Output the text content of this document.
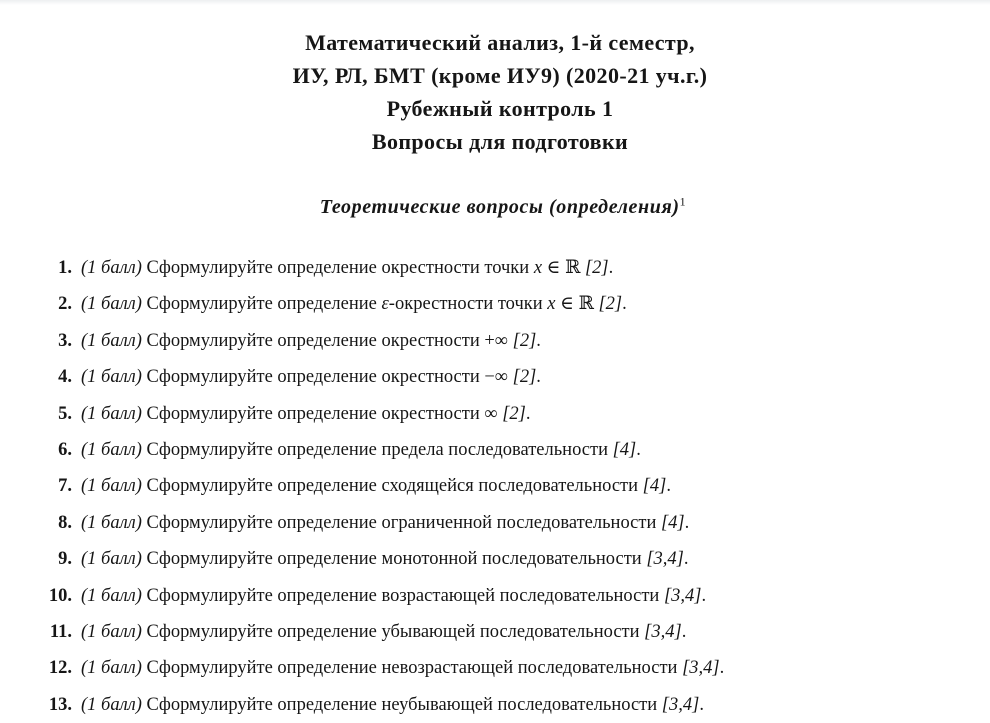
Математический анализ, 1-й семестр,
ИУ, РЛ, БМТ (кроме ИУ9) (2020-21 уч.г.)
Рубежный контроль 1
Вопросы для подготовки
Теоретические вопросы (определения)$^1$
1. (1 балл) Сформулируйте определение окрестности точки x ∈ ℝ [2].
2. (1 балл) Сформулируйте определение ε-окрестности точки x ∈ ℝ [2].
3. (1 балл) Сформулируйте определение окрестности +∞ [2].
4. (1 балл) Сформулируйте определение окрестности −∞ [2].
5. (1 балл) Сформулируйте определение окрестности ∞ [2].
6. (1 балл) Сформулируйте определение предела последовательности [4].
7. (1 балл) Сформулируйте определение сходящейся последовательности [4].
8. (1 балл) Сформулируйте определение ограниченной последовательности [4].
9. (1 балл) Сформулируйте определение монотонной последовательности [3,4].
10. (1 балл) Сформулируйте определение возрастающей последовательности [3,4].
11. (1 балл) Сформулируйте определение убывающей последовательности [3,4].
12. (1 балл) Сформулируйте определение невозрастающей последовательности [3,4].
13. (1 балл) Сформулируйте определение неубывающей последовательности [3,4].
